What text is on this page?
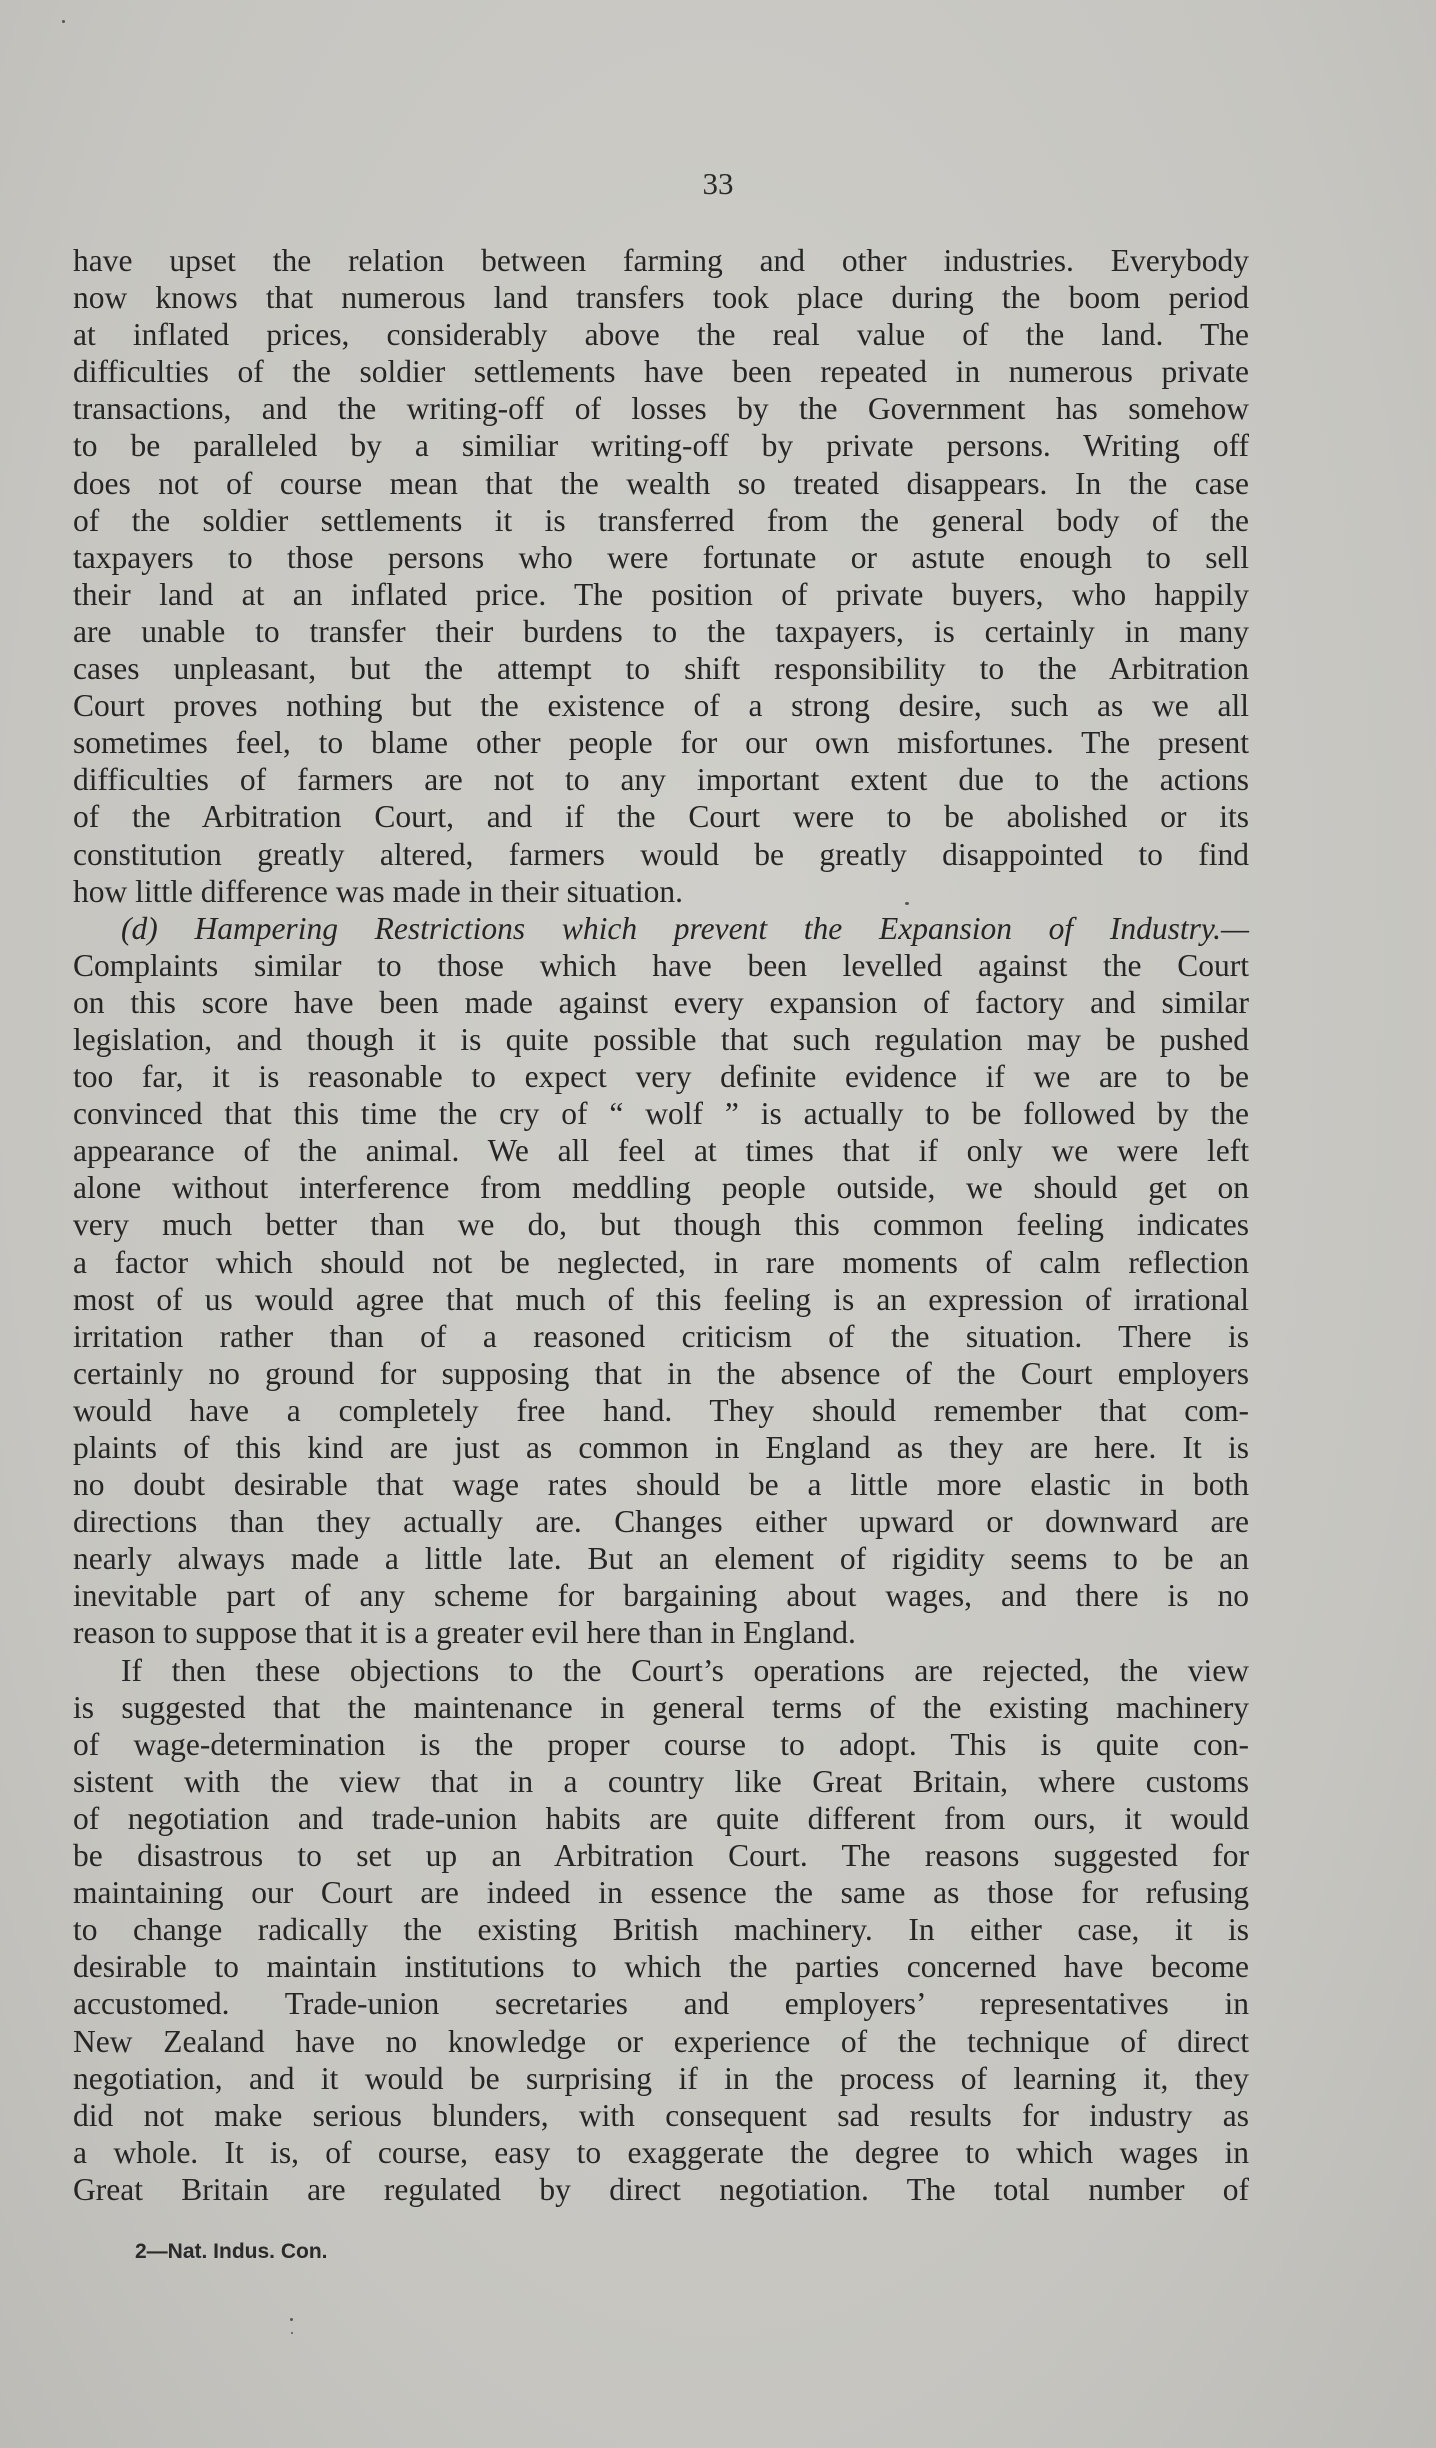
33
have upset the relation between farming and other industries. Everybody
now knows that numerous land transfers took place during the boom period
at inflated prices, considerably above the real value of the land. The
difficulties of the soldier settlements have been repeated in numerous private
transactions, and the writing-off of losses by the Government has somehow
to be paralleled by a similiar writing-off by private persons. Writing off
does not of course mean that the wealth so treated disappears. In the case
of the soldier settlements it is transferred from the general body of the
taxpayers to those persons who were fortunate or astute enough to sell
their land at an inflated price. The position of private buyers, who happily
are unable to transfer their burdens to the taxpayers, is certainly in many
cases unpleasant, but the attempt to shift responsibility to the Arbitration
Court proves nothing but the existence of a strong desire, such as we all
sometimes feel, to blame other people for our own misfortunes. The present
difficulties of farmers are not to any important extent due to the actions
of the Arbitration Court, and if the Court were to be abolished or its
constitution greatly altered, farmers would be greatly disappointed to find
how little difference was made in their situation.
(d) Hampering Restrictions which prevent the Expansion of Industry.—
Complaints similar to those which have been levelled against the Court
on this score have been made against every expansion of factory and similar
legislation, and though it is quite possible that such regulation may be pushed
too far, it is reasonable to expect very definite evidence if we are to be
convinced that this time the cry of “ wolf ” is actually to be followed by the
appearance of the animal. We all feel at times that if only we were left
alone without interference from meddling people outside, we should get on
very much better than we do, but though this common feeling indicates
a factor which should not be neglected, in rare moments of calm reflection
most of us would agree that much of this feeling is an expression of irrational
irritation rather than of a reasoned criticism of the situation. There is
certainly no ground for supposing that in the absence of the Court employers
would have a completely free hand. They should remember that com-
plaints of this kind are just as common in England as they are here. It is
no doubt desirable that wage rates should be a little more elastic in both
directions than they actually are. Changes either upward or downward are
nearly always made a little late. But an element of rigidity seems to be an
inevitable part of any scheme for bargaining about wages, and there is no
reason to suppose that it is a greater evil here than in England.
If then these objections to the Court’s operations are rejected, the view
is suggested that the maintenance in general terms of the existing machinery
of wage-determination is the proper course to adopt. This is quite con-
sistent with the view that in a country like Great Britain, where customs
of negotiation and trade-union habits are quite different from ours, it would
be disastrous to set up an Arbitration Court. The reasons suggested for
maintaining our Court are indeed in essence the same as those for refusing
to change radically the existing British machinery. In either case, it is
desirable to maintain institutions to which the parties concerned have become
accustomed. Trade-union secretaries and employers’ representatives in
New Zealand have no knowledge or experience of the technique of direct
negotiation, and it would be surprising if in the process of learning it, they
did not make serious blunders, with consequent sad results for industry as
a whole. It is, of course, easy to exaggerate the degree to which wages in
Great Britain are regulated by direct negotiation. The total number of
2—Nat. Indus. Con.
